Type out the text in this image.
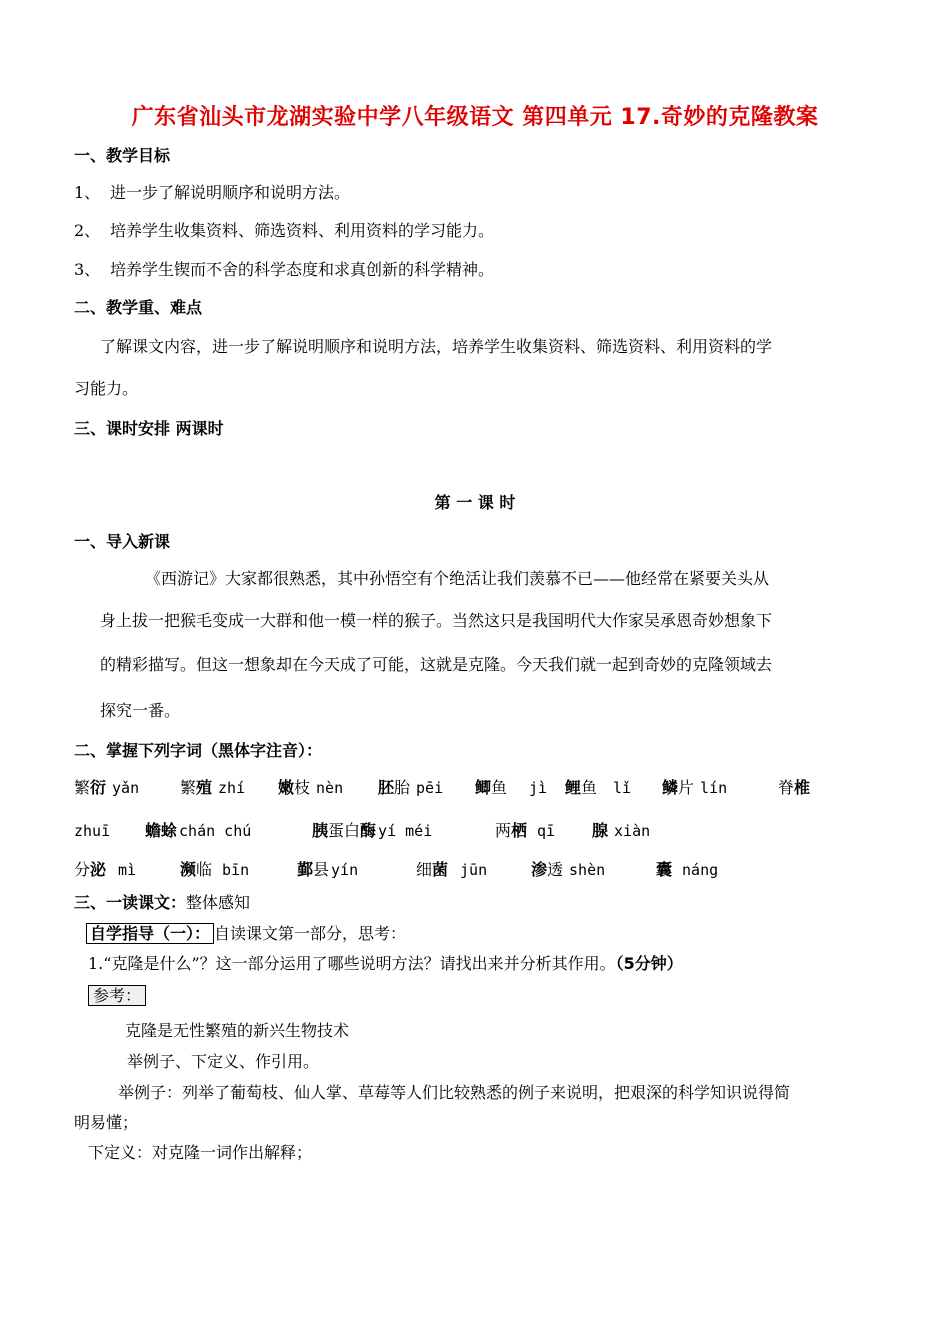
广东省汕头市龙湖实验中学八年级语文 第四单元 17.奇妙的克隆教案
一、教学目标
1、 进一步了解说明顺序和说明方法。
2、 培养学生收集资料、筛选资料、利用资料的学习能力。
3、 培养学生锲而不舍的科学态度和求真创新的科学精神。
二、教学重、难点
了解课文内容，进一步了解说明顺序和说明方法，培养学生收集资料、筛选资料、利用资料的学
习能力。
三、课时安排 两课时
第 一 课 时
一、导入新课
《西游记》大家都很熟悉，其中孙悟空有个绝活让我们羡慕不已——他经常在紧要关头从
身上拔一把猴毛变成一大群和他一模一样的猴子。当然这只是我国明代大作家吴承恩奇妙想象下
的精彩描写。但这一想象却在今天成了可能，这就是克隆。今天我们就一起到奇妙的克隆领域去
探究一番。
二、掌握下列字词（黑体字注音）：
繁衍 yǎn	繁殖 zhí 嫩枝 nèn 胚胎 pēi 鲫鱼 jì 鲤鱼 lǐ 鳞片 lín	脊椎
zhuī 蟾蜍 chán chú	胰蛋白酶 yí méi	两栖 qī 腺 xiàn
分泌 mì	濒临 bīn	鄞县 yín	细菌 jūn	渗透 shèn	囊 náng
三、一读课文：整体感知
自学指导（一）： 自读课文第一部分，思考：
1.“克隆是什么”？这一部分运用了哪些说明方法？请找出来并分析其作用。（5分钟）
参考：
克隆是无性繁殖的新兴生物技术
举例子、下定义、作引用。
举例子：列举了葡萄枝、仙人掌、草莓等人们比较熟悉的例子来说明，把艰深的科学知识说得简
明易懂；
下定义：对克隆一词作出解释；
